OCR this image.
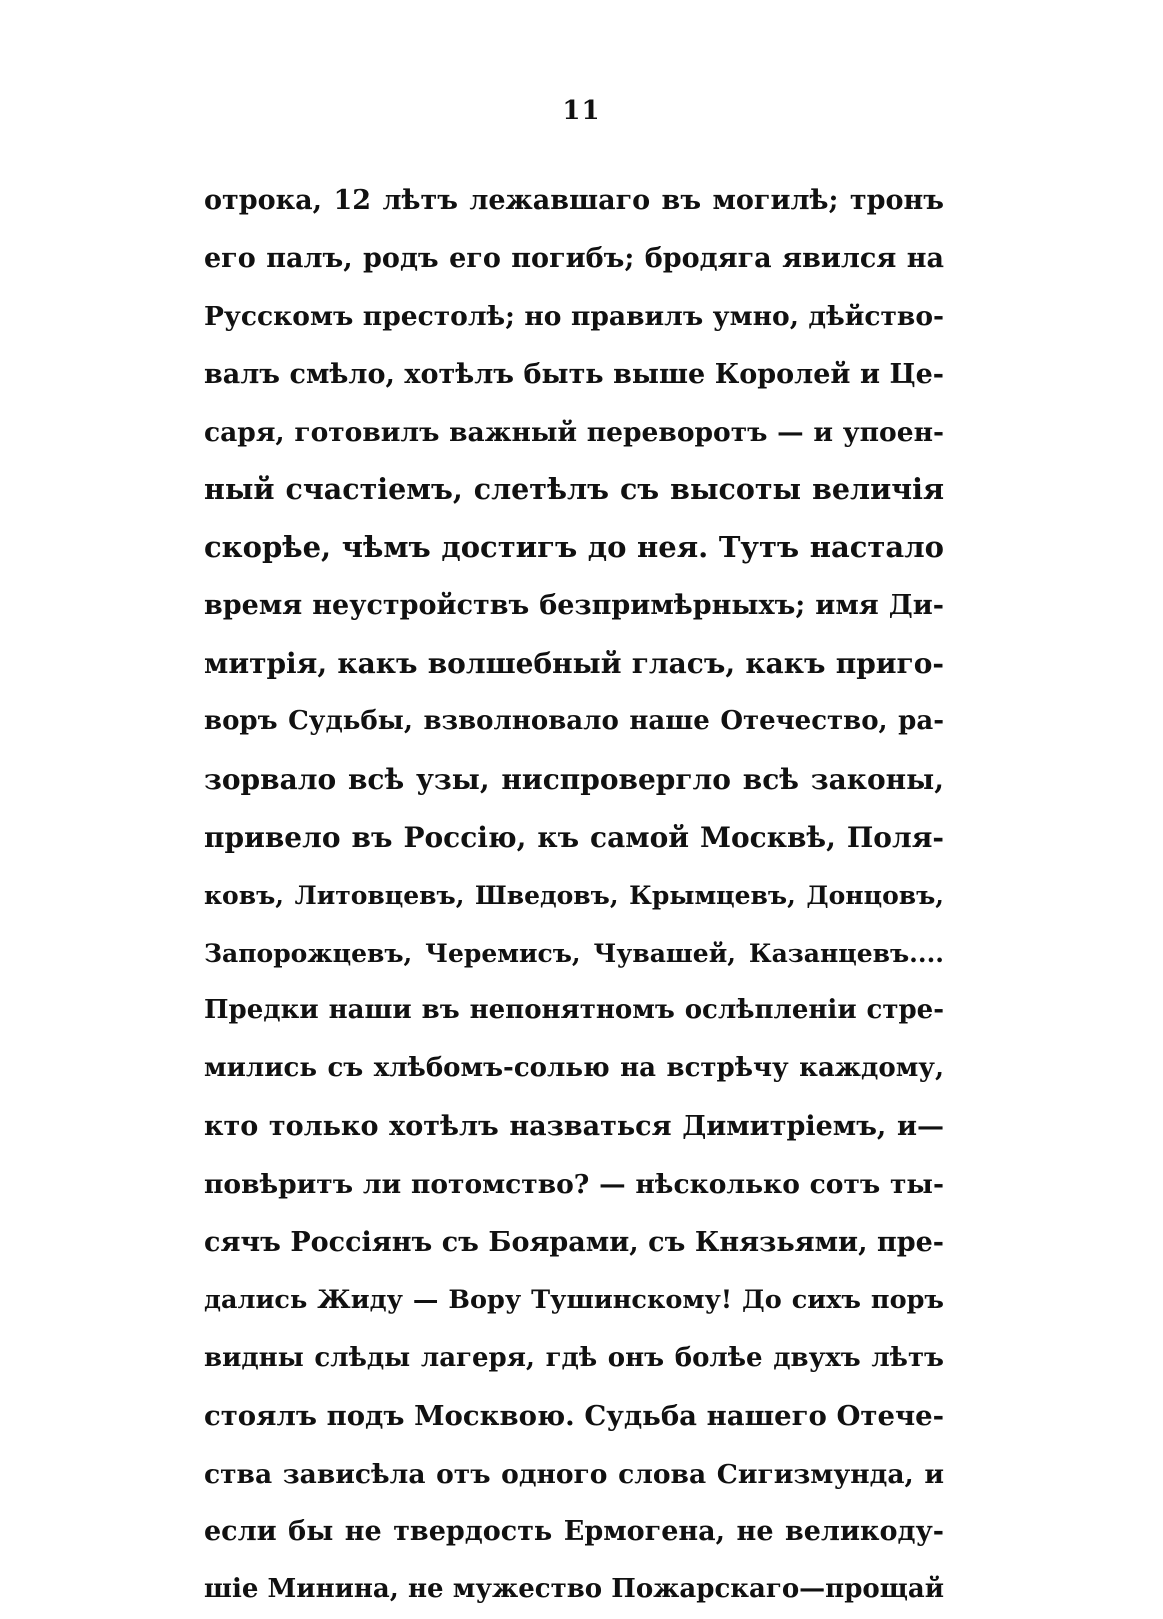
11
отрока, 12 лѣтъ лежавшаго въ могилѣ; тронъ
его палъ, родъ его погибъ; бродяга явился на
Русскомъ престолѣ; но правилъ умно, дѣйство-
валъ смѣло, хотѣлъ быть выше Королей и Це-
саря, готовилъ важный переворотъ — и упоен-
ный счастіемъ, слетѣлъ съ высоты величія
скорѣе, чѣмъ достигъ до нея. Тутъ настало
время неустройствъ безпримѣрныхъ; имя Ди-
митрія, какъ волшебный гласъ, какъ приго-
воръ Судьбы, взволновало наше Отечество, ра-
зорвало всѣ узы, ниспровергло всѣ законы,
привело въ Россію, къ самой Москвѣ, Поля-
ковъ, Литовцевъ, Шведовъ, Крымцевъ, Донцовъ,
Запорожцевъ, Черемисъ, Чувашей, Казанцевъ....
Предки наши въ непонятномъ ослѣпленіи стре-
мились съ хлѣбомъ-солью на встрѣчу каждому,
кто только хотѣлъ назваться Димитріемъ, и—
повѣритъ ли потомство? — нѣсколько сотъ ты-
сячъ Россіянъ съ Боярами, съ Князьями, пре-
дались Жиду — Вору Тушинскому! До сихъ поръ
видны слѣды лагеря, гдѣ онъ болѣе двухъ лѣтъ
стоялъ подъ Москвою. Судьба нашего Отече-
ства зависѣла отъ одного слова Сигизмунда, и
если бы не твердость Ермогена, не великоду-
шіе Минина, не мужество Пожарскаго—прощай
